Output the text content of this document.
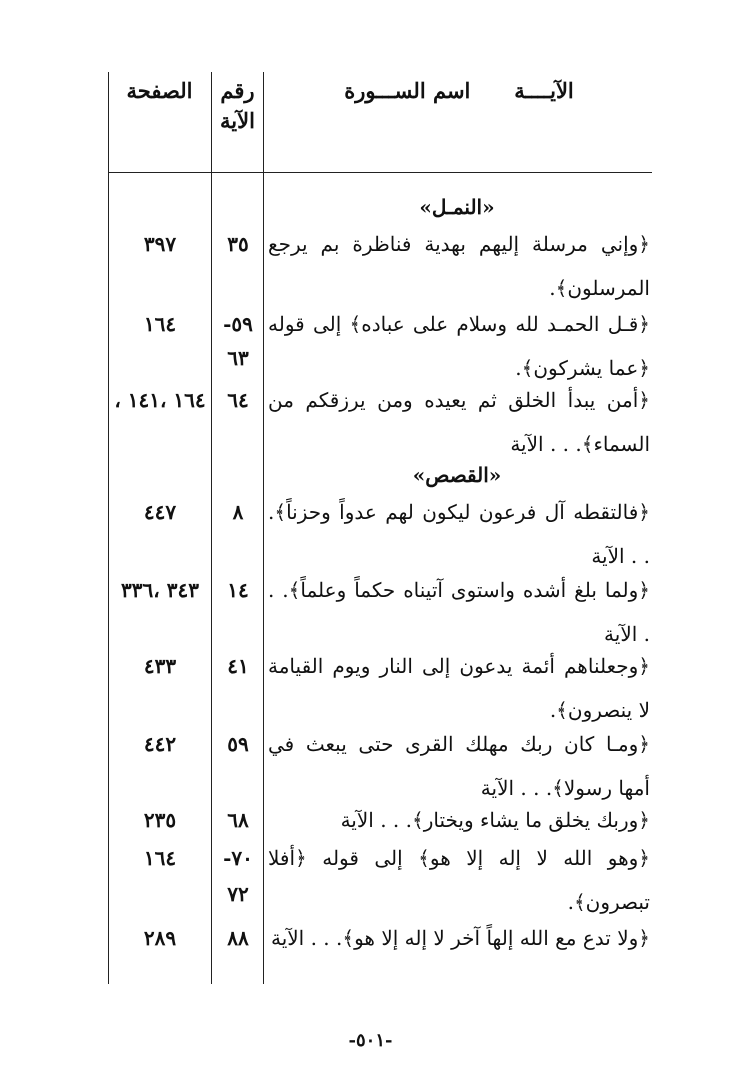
الصفحة	رقم
الآية
الآيــــة      اسم الســـورة
«النمـل»
﴿وإني مرسلة إليهم بهدية فناظرة بم يرجع المرسلون﴾.
٣٥
٣٩٧
﴿قـل الحمـد لله وسلام على عباده﴾ إلى قوله ﴿عما يشركون﴾.
٥٩-
٦٣
١٦٤
﴿أمن يبدأ الخلق ثم يعيده ومن يرزقكم من السماء﴾. . . الآية
٦٤
١٦٤ ،١٤١ ،
«القصص»
﴿فالتقطه آل فرعون ليكون لهم عدواً وحزناً﴾. . . الآية
٨
٤٤٧
﴿ولما بلغ أشده واستوى آتيناه حكماً وعلماً﴾. . . الآية
١٤
٣٤٣ ،٣٣٦
﴿وجعلناهم أئمة يدعون إلى النار ويوم القيامة لا ينصرون﴾.
٤١
٤٣٣
﴿ومـا كان ربك مهلك القرى حتى يبعث في أمها رسولا﴾. . . الآية
٥٩
٤٤٢
﴿وربك يخلق ما يشاء ويختار﴾. . . الآية
٦٨
٢٣٥
﴿وهو الله لا إله إلا هو﴾ إلى قوله ﴿أفلا تبصرون﴾.
٧٠-
٧٢
١٦٤
﴿ولا تدع مع الله إلهاً آخر لا إله إلا هو﴾. . . الآية
٨٨
٢٨٩
-٥٠١-
